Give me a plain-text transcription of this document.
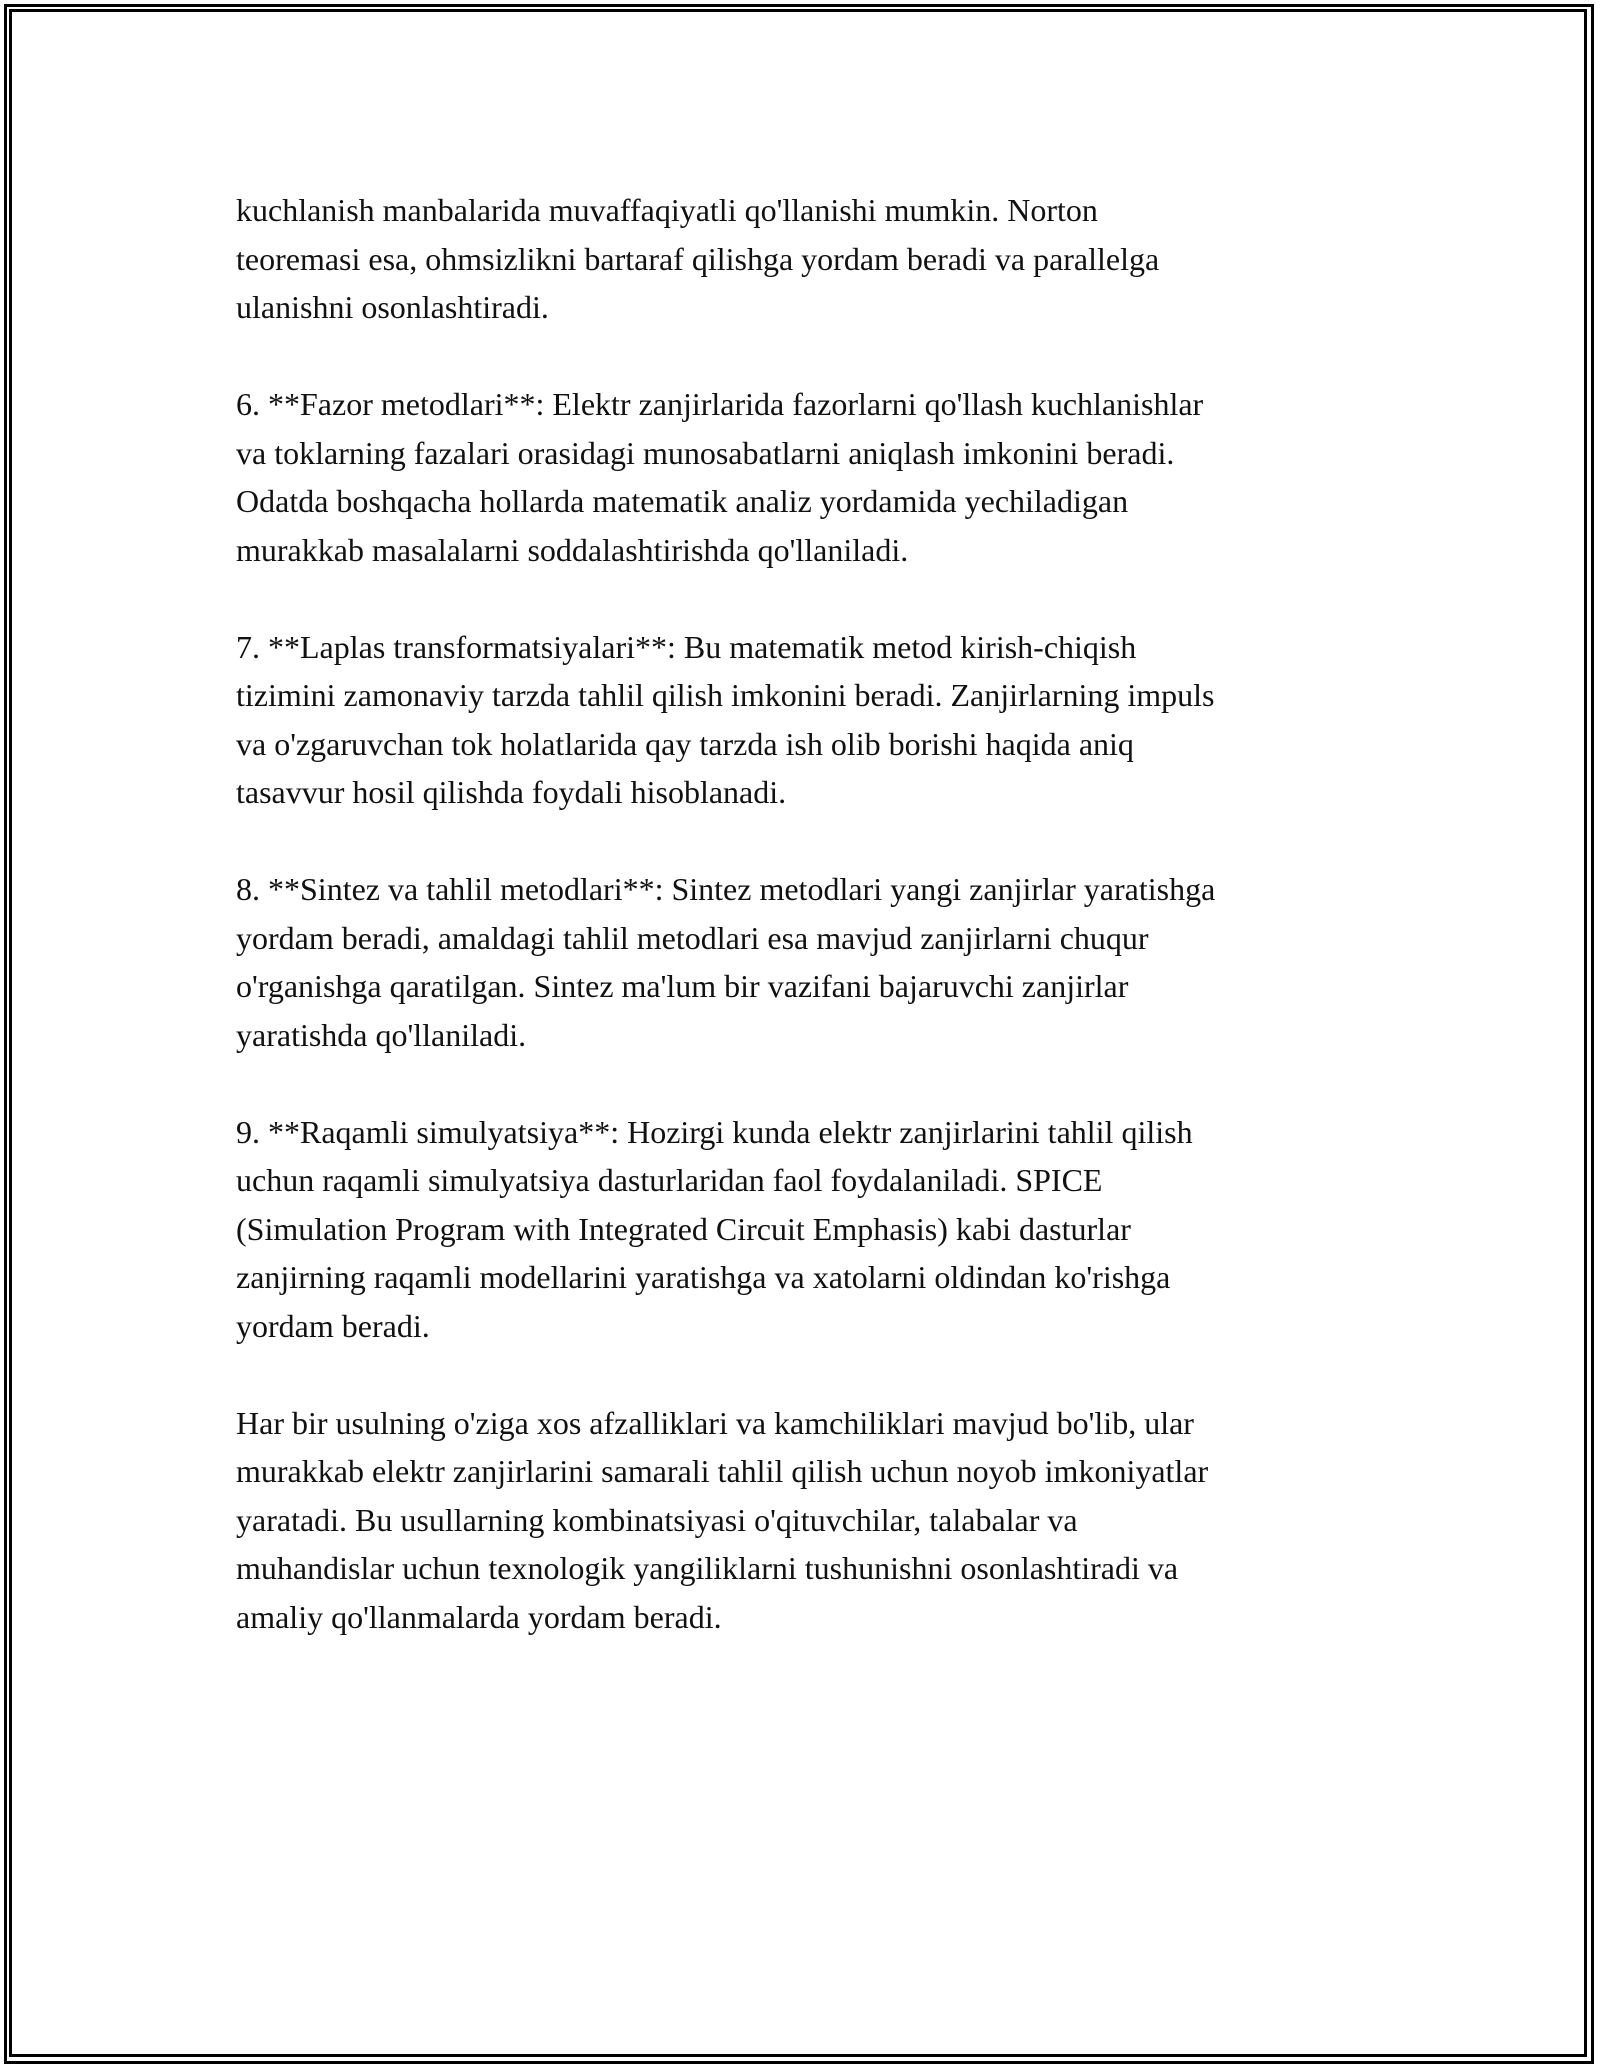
kuchlanish manbalarida muvaffaqiyatli qo'llanishi mumkin. Norton
teoremasi esa, ohmsizlikni bartaraf qilishga yordam beradi va parallelga
ulanishni osonlashtiradi.

6. **Fazor metodlari**: Elektr zanjirlarida fazorlarni qo'llash kuchlanishlar
va toklarning fazalari orasidagi munosabatlarni aniqlash imkonini beradi.
Odatda boshqacha hollarda matematik analiz yordamida yechiladigan
murakkab masalalarni soddalashtirishda qo'llaniladi.

7. **Laplas transformatsiyalari**: Bu matematik metod kirish-chiqish
tizimini zamonaviy tarzda tahlil qilish imkonini beradi. Zanjirlarning impuls
va o'zgaruvchan tok holatlarida qay tarzda ish olib borishi haqida aniq
tasavvur hosil qilishda foydali hisoblanadi.

8. **Sintez va tahlil metodlari**: Sintez metodlari yangi zanjirlar yaratishga
yordam beradi, amaldagi tahlil metodlari esa mavjud zanjirlarni chuqur
o'rganishga qaratilgan. Sintez ma'lum bir vazifani bajaruvchi zanjirlar
yaratishda qo'llaniladi.

9. **Raqamli simulyatsiya**: Hozirgi kunda elektr zanjirlarini tahlil qilish
uchun raqamli simulyatsiya dasturlaridan faol foydalaniladi. SPICE
(Simulation Program with Integrated Circuit Emphasis) kabi dasturlar
zanjirning raqamli modellarini yaratishga va xatolarni oldindan ko'rishga
yordam beradi.

Har bir usulning o'ziga xos afzalliklari va kamchiliklari mavjud bo'lib, ular
murakkab elektr zanjirlarini samarali tahlil qilish uchun noyob imkoniyatlar
yaratadi. Bu usullarning kombinatsiyasi o'qituvchilar, talabalar va
muhandislar uchun texnologik yangiliklarni tushunishni osonlashtiradi va
amaliy qo'llanmalarda yordam beradi.
